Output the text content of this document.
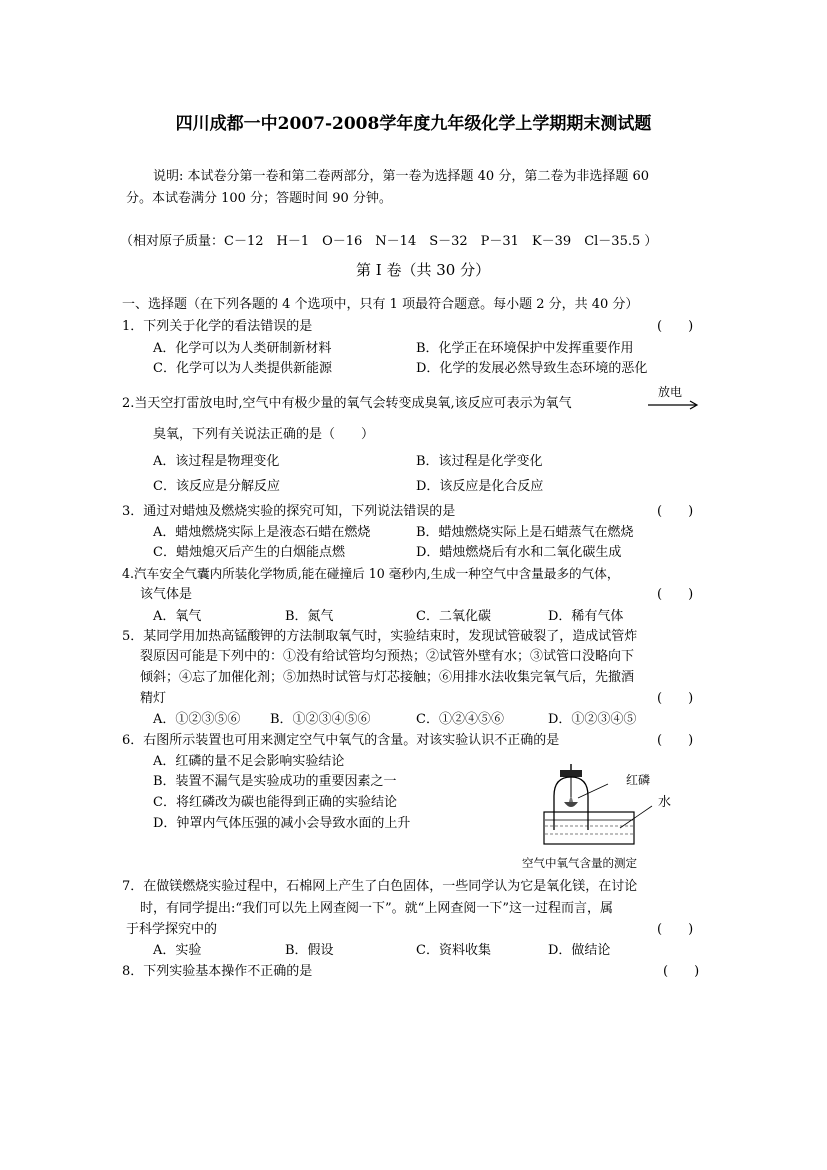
四川成都一中2007-2008学年度九年级化学上学期期末测试题
说明: 本试卷分第一卷和第二卷两部分，第一卷为选择题 40 分，第二卷为非选择题 60
分。本试卷满分 100 分；答题时间 90 分钟。
（相对原子质量：C－12　H－1　O－16　N－14　S－32　P－31　K－39　Cl－35.5 ）
第 Ⅰ 卷（共 30 分）
一、选择题（在下列各题的 4 个选项中，只有 1 项最符合题意。每小题 2 分，共 40 分）
1．下列关于化学的看法错误的是	(　　)
A．化学可以为人类研制新材料	B．化学正在环境保护中发挥重要作用
C．化学可以为人类提供新能源	D．化学的发展必然导致生态环境的恶化
2.当天空打雷放电时,空气中有极少量的氧气会转变成臭氧,该反应可表示为氧气
放电
臭氧，下列有关说法正确的是（　　）
A．该过程是物理变化	B．该过程是化学变化
C．该反应是分解反应	D．该反应是化合反应
3．通过对蜡烛及燃烧实验的探究可知，下列说法错误的是	(　　)
A．蜡烛燃烧实际上是液态石蜡在燃烧	B．蜡烛燃烧实际上是石蜡蒸气在燃烧
C．蜡烛熄灭后产生的白烟能点燃	D．蜡烛燃烧后有水和二氧化碳生成
4.汽车安全气囊内所装化学物质,能在碰撞后 10 毫秒内,生成一种空气中含量最多的气体，
该气体是	(　　)
A．氧气	B．氮气	C．二氧化碳	D．稀有气体
5．某同学用加热高锰酸钾的方法制取氧气时，实验结束时，发现试管破裂了，造成试管炸
裂原因可能是下列中的：①没有给试管均匀预热；②试管外壁有水；③试管口没略向下
倾斜；④忘了加催化剂；⑤加热时试管与灯芯接触；⑥用排水法收集完氧气后，先撤酒
精灯	(　　)
A．①②③⑤⑥ B．①②③④⑤⑥	C．①②④⑤⑥	D．①②③④⑤
6．右图所示装置也可用来测定空气中氧气的含量。对该实验认识不正确的是	(　　)
A．红磷的量不足会影响实验结论
B．装置不漏气是实验成功的重要因素之一
C．将红磷改为碳也能得到正确的实验结论
D．钟罩内气体压强的减小会导致水面的上升
红磷
水
空气中氧气含量的测定
7．在做镁燃烧实验过程中，石棉网上产生了白色固体，一些同学认为它是氧化镁，在讨论
时，有同学提出:“我们可以先上网查阅一下”。就“上网查阅一下”这一过程而言，属
于科学探究中的	(　　)
A．实验	B．假设	C．资料收集	D．做结论
8．下列实验基本操作不正确的是	(　　)
